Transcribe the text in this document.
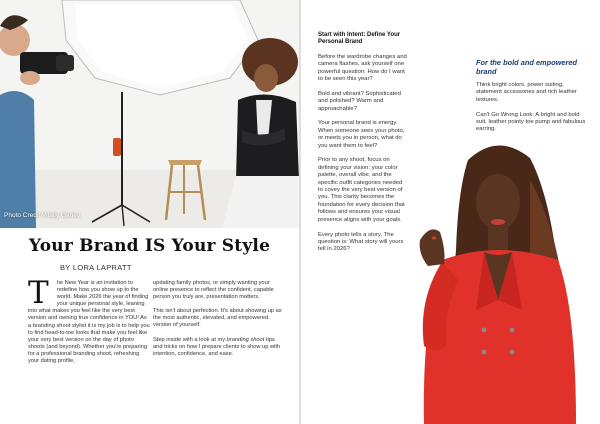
Photo Credit Vitaliy Gariev
Your Brand IS Your Style
BY LORA LAPRATT

T he New Year is an invitation to redefine how you show up to the world. Make 2026 the year of finding your unique personal style, leaning into what makes you feel like the very best version and owning true confidence in YOU! As a branding shoot stylist it is my job is to help you to find head-to-toe looks that make you feel like your very best version on the day of photo shoots (and beyond). Whether you're preparing for a professional branding shoot, refreshing your dating profile,

updating family photos, or simply wanting your online presence to reflect the confident, capable person you truly are, presentation matters.

This isn't about perfection. It's about showing up as the most authentic, elevated, and empowered version of yourself.

Step inside with a look at my branding shoot tips and tricks on how I prepare clients to show up with intention, confidence, and ease.

Start with Intent: Define Your Personal Brand

Before the wardrobe changes and camera flashes, ask yourself one powerful question: How do I want to be seen this year?

Bold and vibrant? Sophisticated and polished? Warm and approachable?

Your personal brand is energy. When someone sees your photo, or meets you in person, what do you want them to feel?

Prior to any shoot, focus on defining your vision: your color palette, overall vibe, and the specific outfit categories needed to covey the very best version of you. This clarity becomes the foundation for every decision that follows and ensures your visual presence aligns with your goals.

Every photo tells a story. The question is: What story will yours tell in 2026?

For the bold and empowered brand

Think bright colors, power suiting, statement accessories and rich leather textures.

Can't Go Wrong Look: A bright and bold suit, leather pointy toe pump and fabulous earring.
